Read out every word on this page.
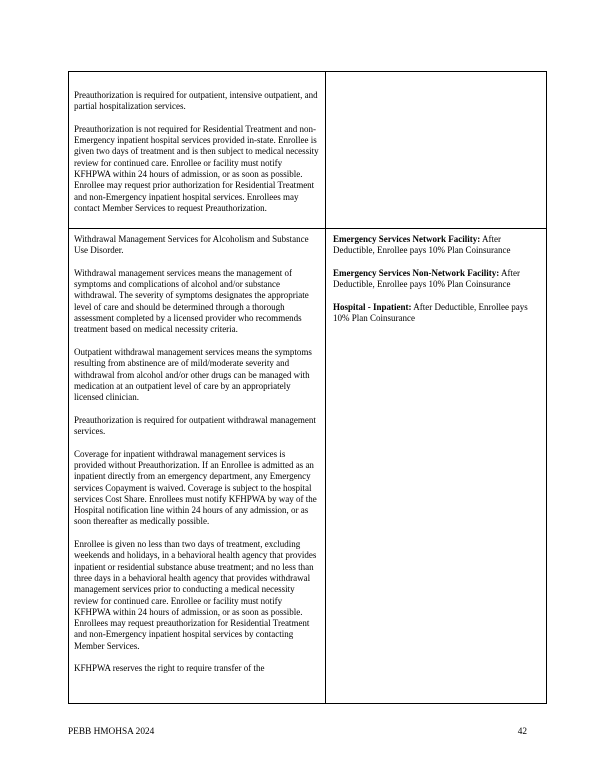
Preauthorization is required for outpatient, intensive outpatient, and partial hospitalization services.

Preauthorization is not required for Residential Treatment and non-Emergency inpatient hospital services provided in-state. Enrollee is given two days of treatment and is then subject to medical necessity review for continued care. Enrollee or facility must notify KFHPWA within 24 hours of admission, or as soon as possible. Enrollee may request prior authorization for Residential Treatment and non-Emergency inpatient hospital services. Enrollees may contact Member Services to request Preauthorization.

Withdrawal Management Services for Alcoholism and Substance Use Disorder.

Withdrawal management services means the management of symptoms and complications of alcohol and/or substance withdrawal. The severity of symptoms designates the appropriate level of care and should be determined through a thorough assessment completed by a licensed provider who recommends treatment based on medical necessity criteria.

Outpatient withdrawal management services means the symptoms resulting from abstinence are of mild/moderate severity and withdrawal from alcohol and/or other drugs can be managed with medication at an outpatient level of care by an appropriately licensed clinician.

Preauthorization is required for outpatient withdrawal management services.

Coverage for inpatient withdrawal management services is provided without Preauthorization. If an Enrollee is admitted as an inpatient directly from an emergency department, any Emergency services Copayment is waived. Coverage is subject to the hospital services Cost Share. Enrollees must notify KFHPWA by way of the Hospital notification line within 24 hours of any admission, or as soon thereafter as medically possible.

Enrollee is given no less than two days of treatment, excluding weekends and holidays, in a behavioral health agency that provides inpatient or residential substance abuse treatment; and no less than three days in a behavioral health agency that provides withdrawal management services prior to conducting a medical necessity review for continued care. Enrollee or facility must notify KFHPWA within 24 hours of admission, or as soon as possible. Enrollees may request preauthorization for Residential Treatment and non-Emergency inpatient hospital services by contacting Member Services.

KFHPWA reserves the right to require transfer of the

Emergency Services Network Facility: After Deductible, Enrollee pays 10% Plan Coinsurance

Emergency Services Non-Network Facility: After Deductible, Enrollee pays 10% Plan Coinsurance

Hospital - Inpatient: After Deductible, Enrollee pays 10% Plan Coinsurance

PEBB HMOHSA 2024	42
